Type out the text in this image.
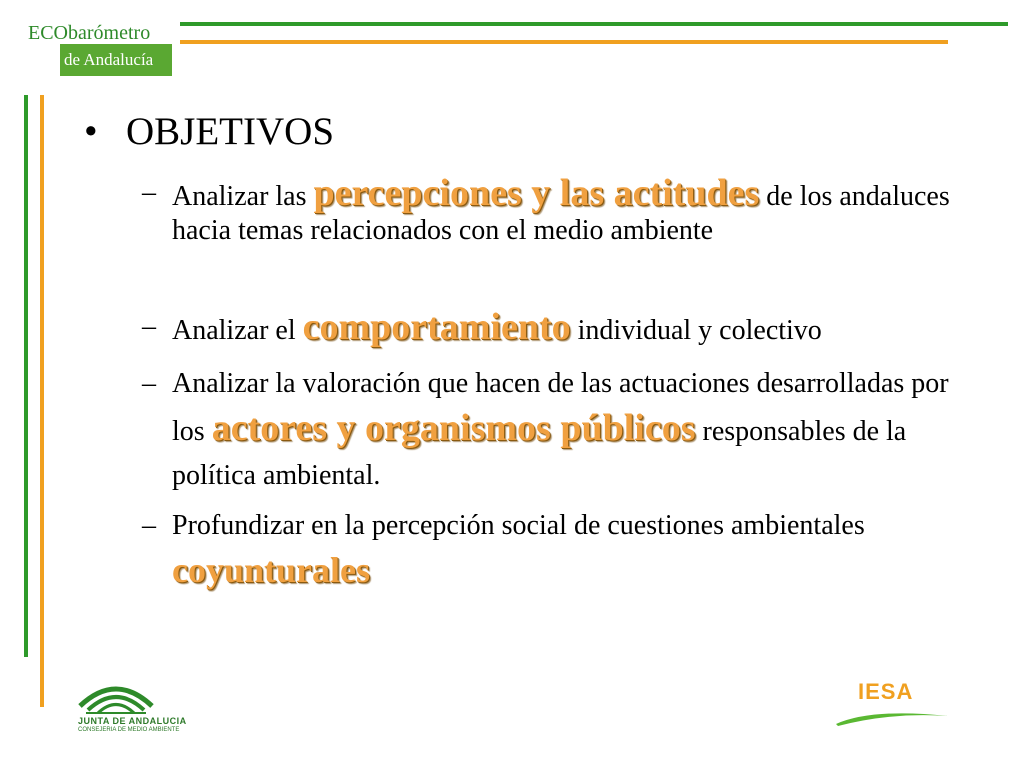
ECObarómetro
de Andalucía
• OBJETIVOS
– Analizar las percepciones y las actitudes de los andaluces hacia temas relacionados con el medio ambiente
– Analizar el comportamiento individual y colectivo
– Analizar la valoración que hacen de las actuaciones desarrolladas por los actores y organismos públicos responsables de la política ambiental.
– Profundizar en la percepción social de cuestiones ambientales coyunturales
JUNTA DE ANDALUCIA
CONSEJERIA DE MEDIO AMBIENTE
IESA
